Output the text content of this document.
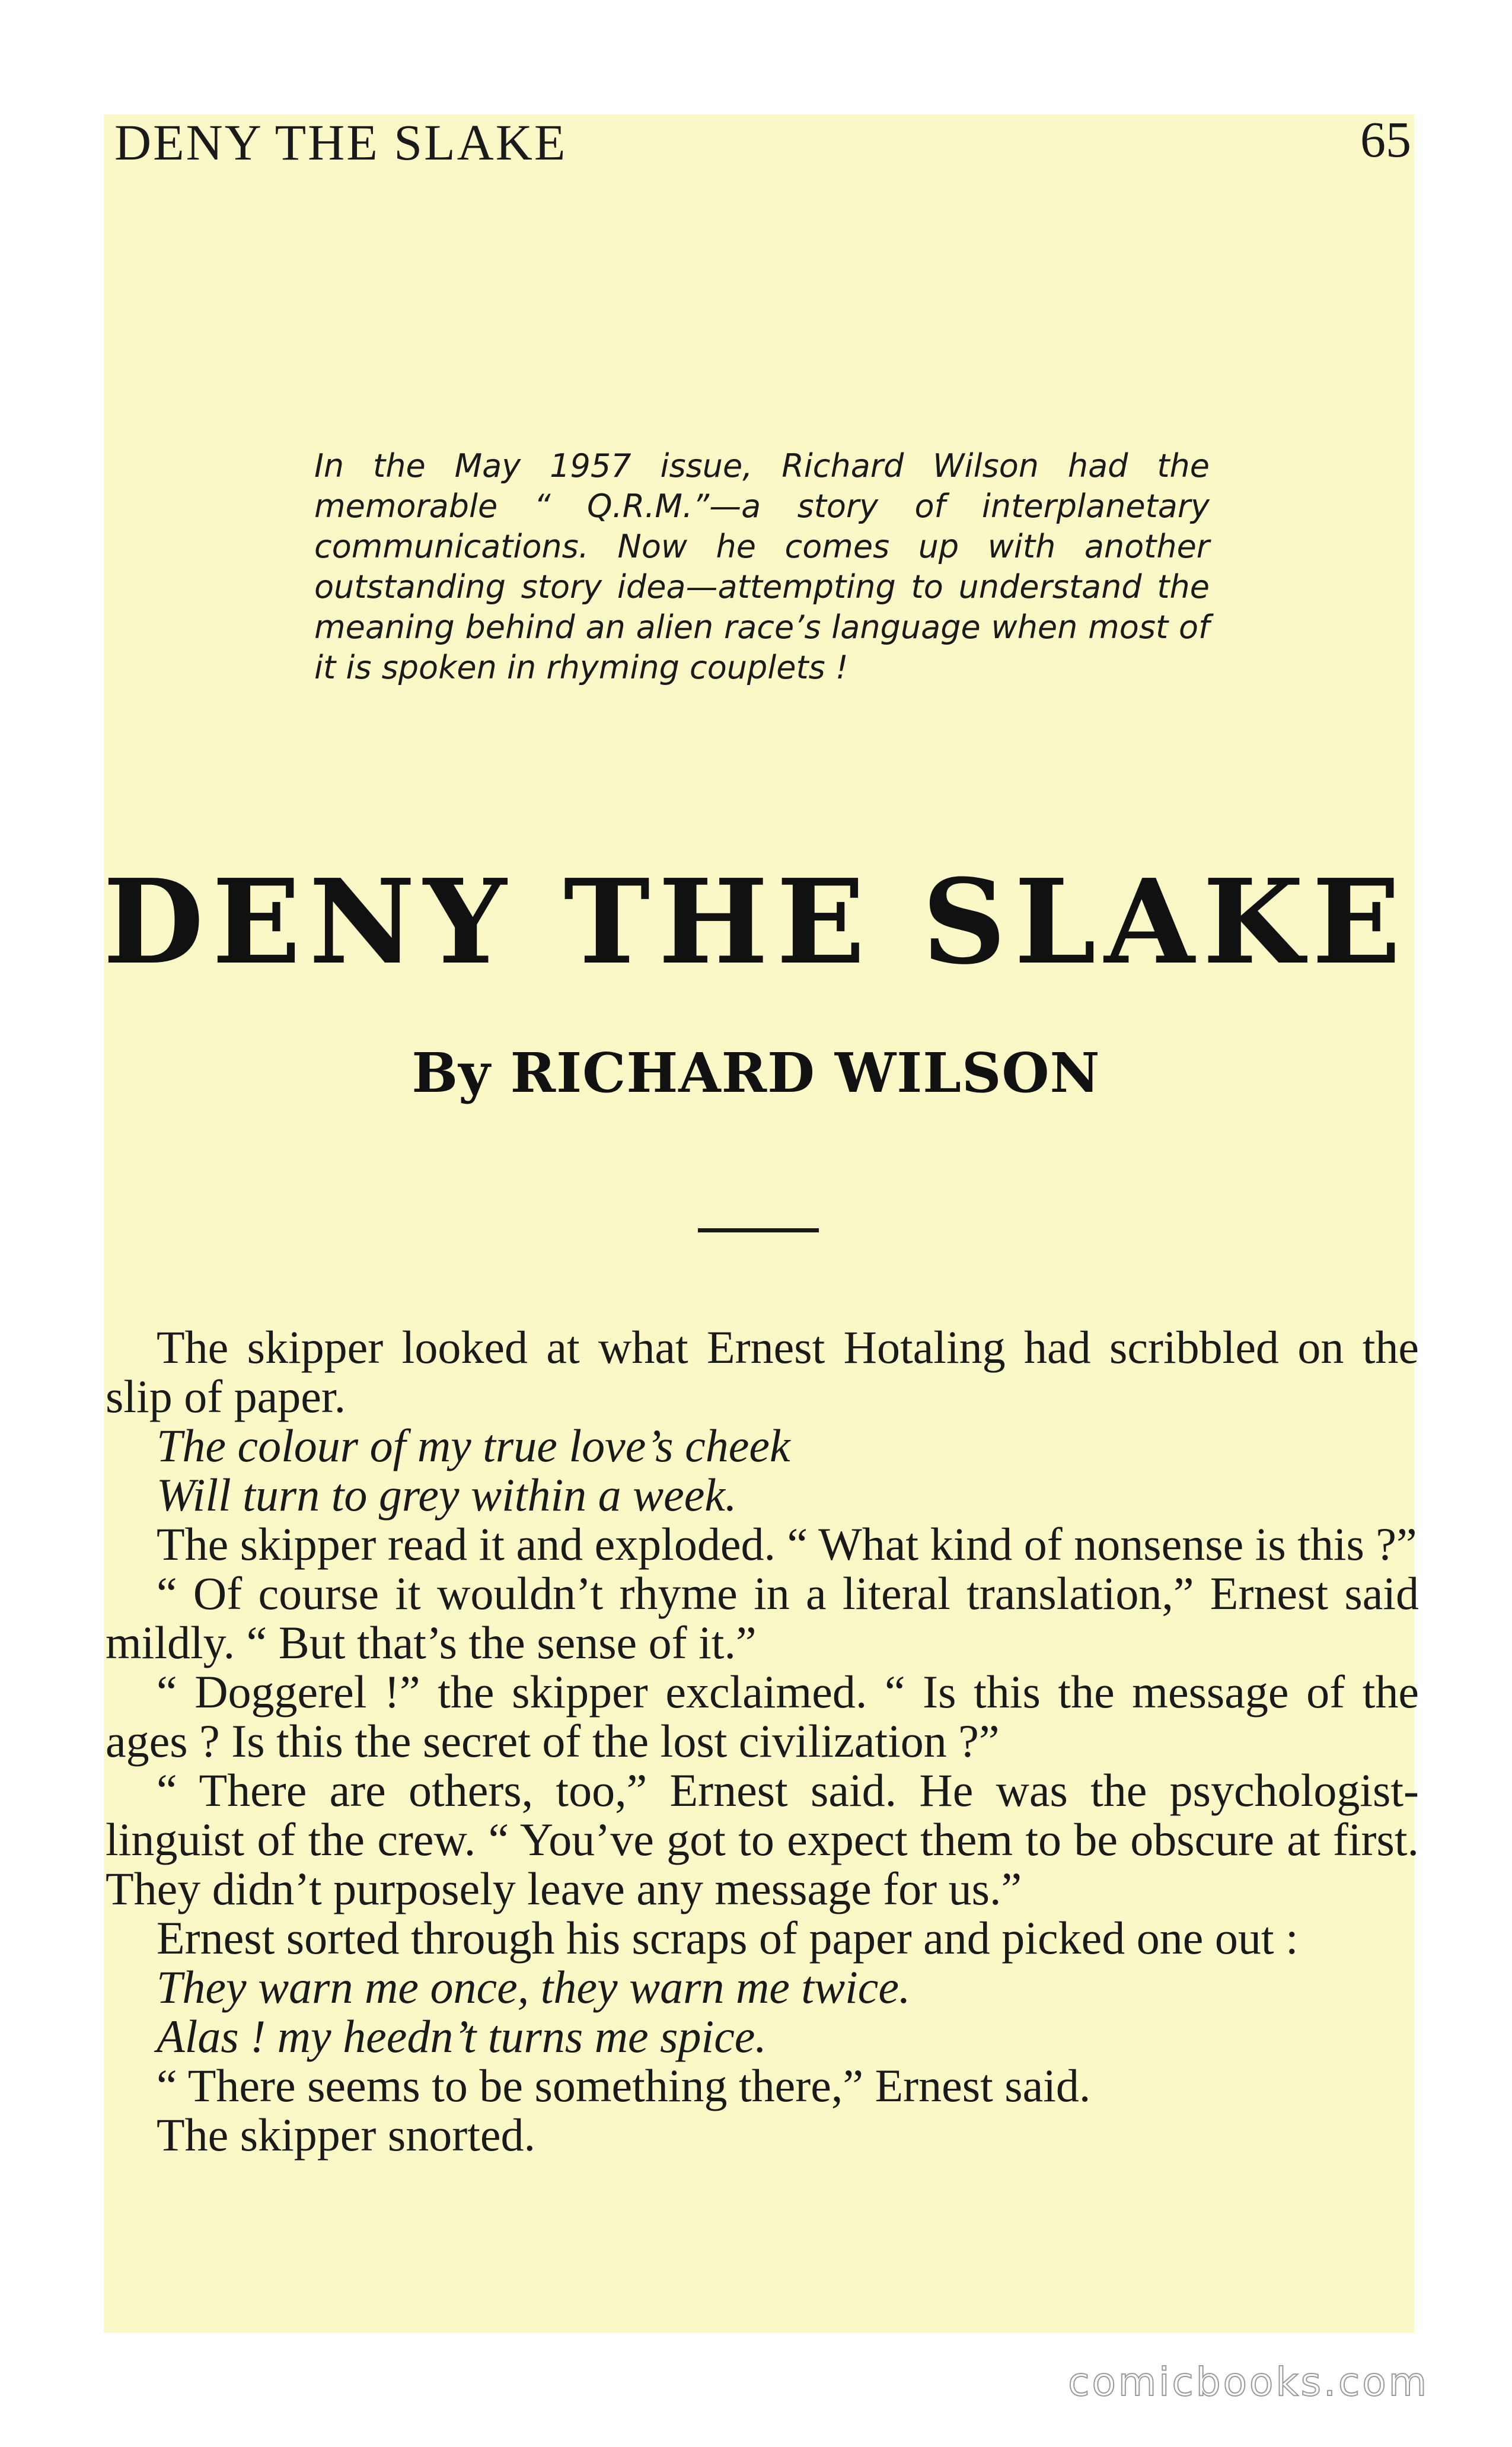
DENY THE SLAKE	65
In the May 1957 issue, Richard Wilson had the memorable “ Q.R.M.”—a story of interplanetary communications. Now he comes up with another outstanding story idea—attempting to understand the meaning behind an alien race’s language when most of it is spoken in rhyming couplets !
DENY THE SLAKE
By RICHARD WILSON

The skipper looked at what Ernest Hotaling had scribbled on the slip of paper.

The colour of my true love’s cheek

Will turn to grey within a week.

The skipper read it and exploded. “ What kind of nonsense is this ?”

“ Of course it wouldn’t rhyme in a literal translation,” Ernest said mildly. “ But that’s the sense of it.”

“ Doggerel !” the skipper exclaimed. “ Is this the message of the ages ? Is this the secret of the lost civilization ?”

“ There are others, too,” Ernest said. He was the psychologist-linguist of the crew. “ You’ve got to expect them to be obscure at first. They didn’t purposely leave any message for us.”

Ernest sorted through his scraps of paper and picked one out :

They warn me once, they warn me twice.

Alas ! my heedn’t turns me spice.

“ There seems to be something there,” Ernest said.

The skipper snorted.

comicbooks.com
